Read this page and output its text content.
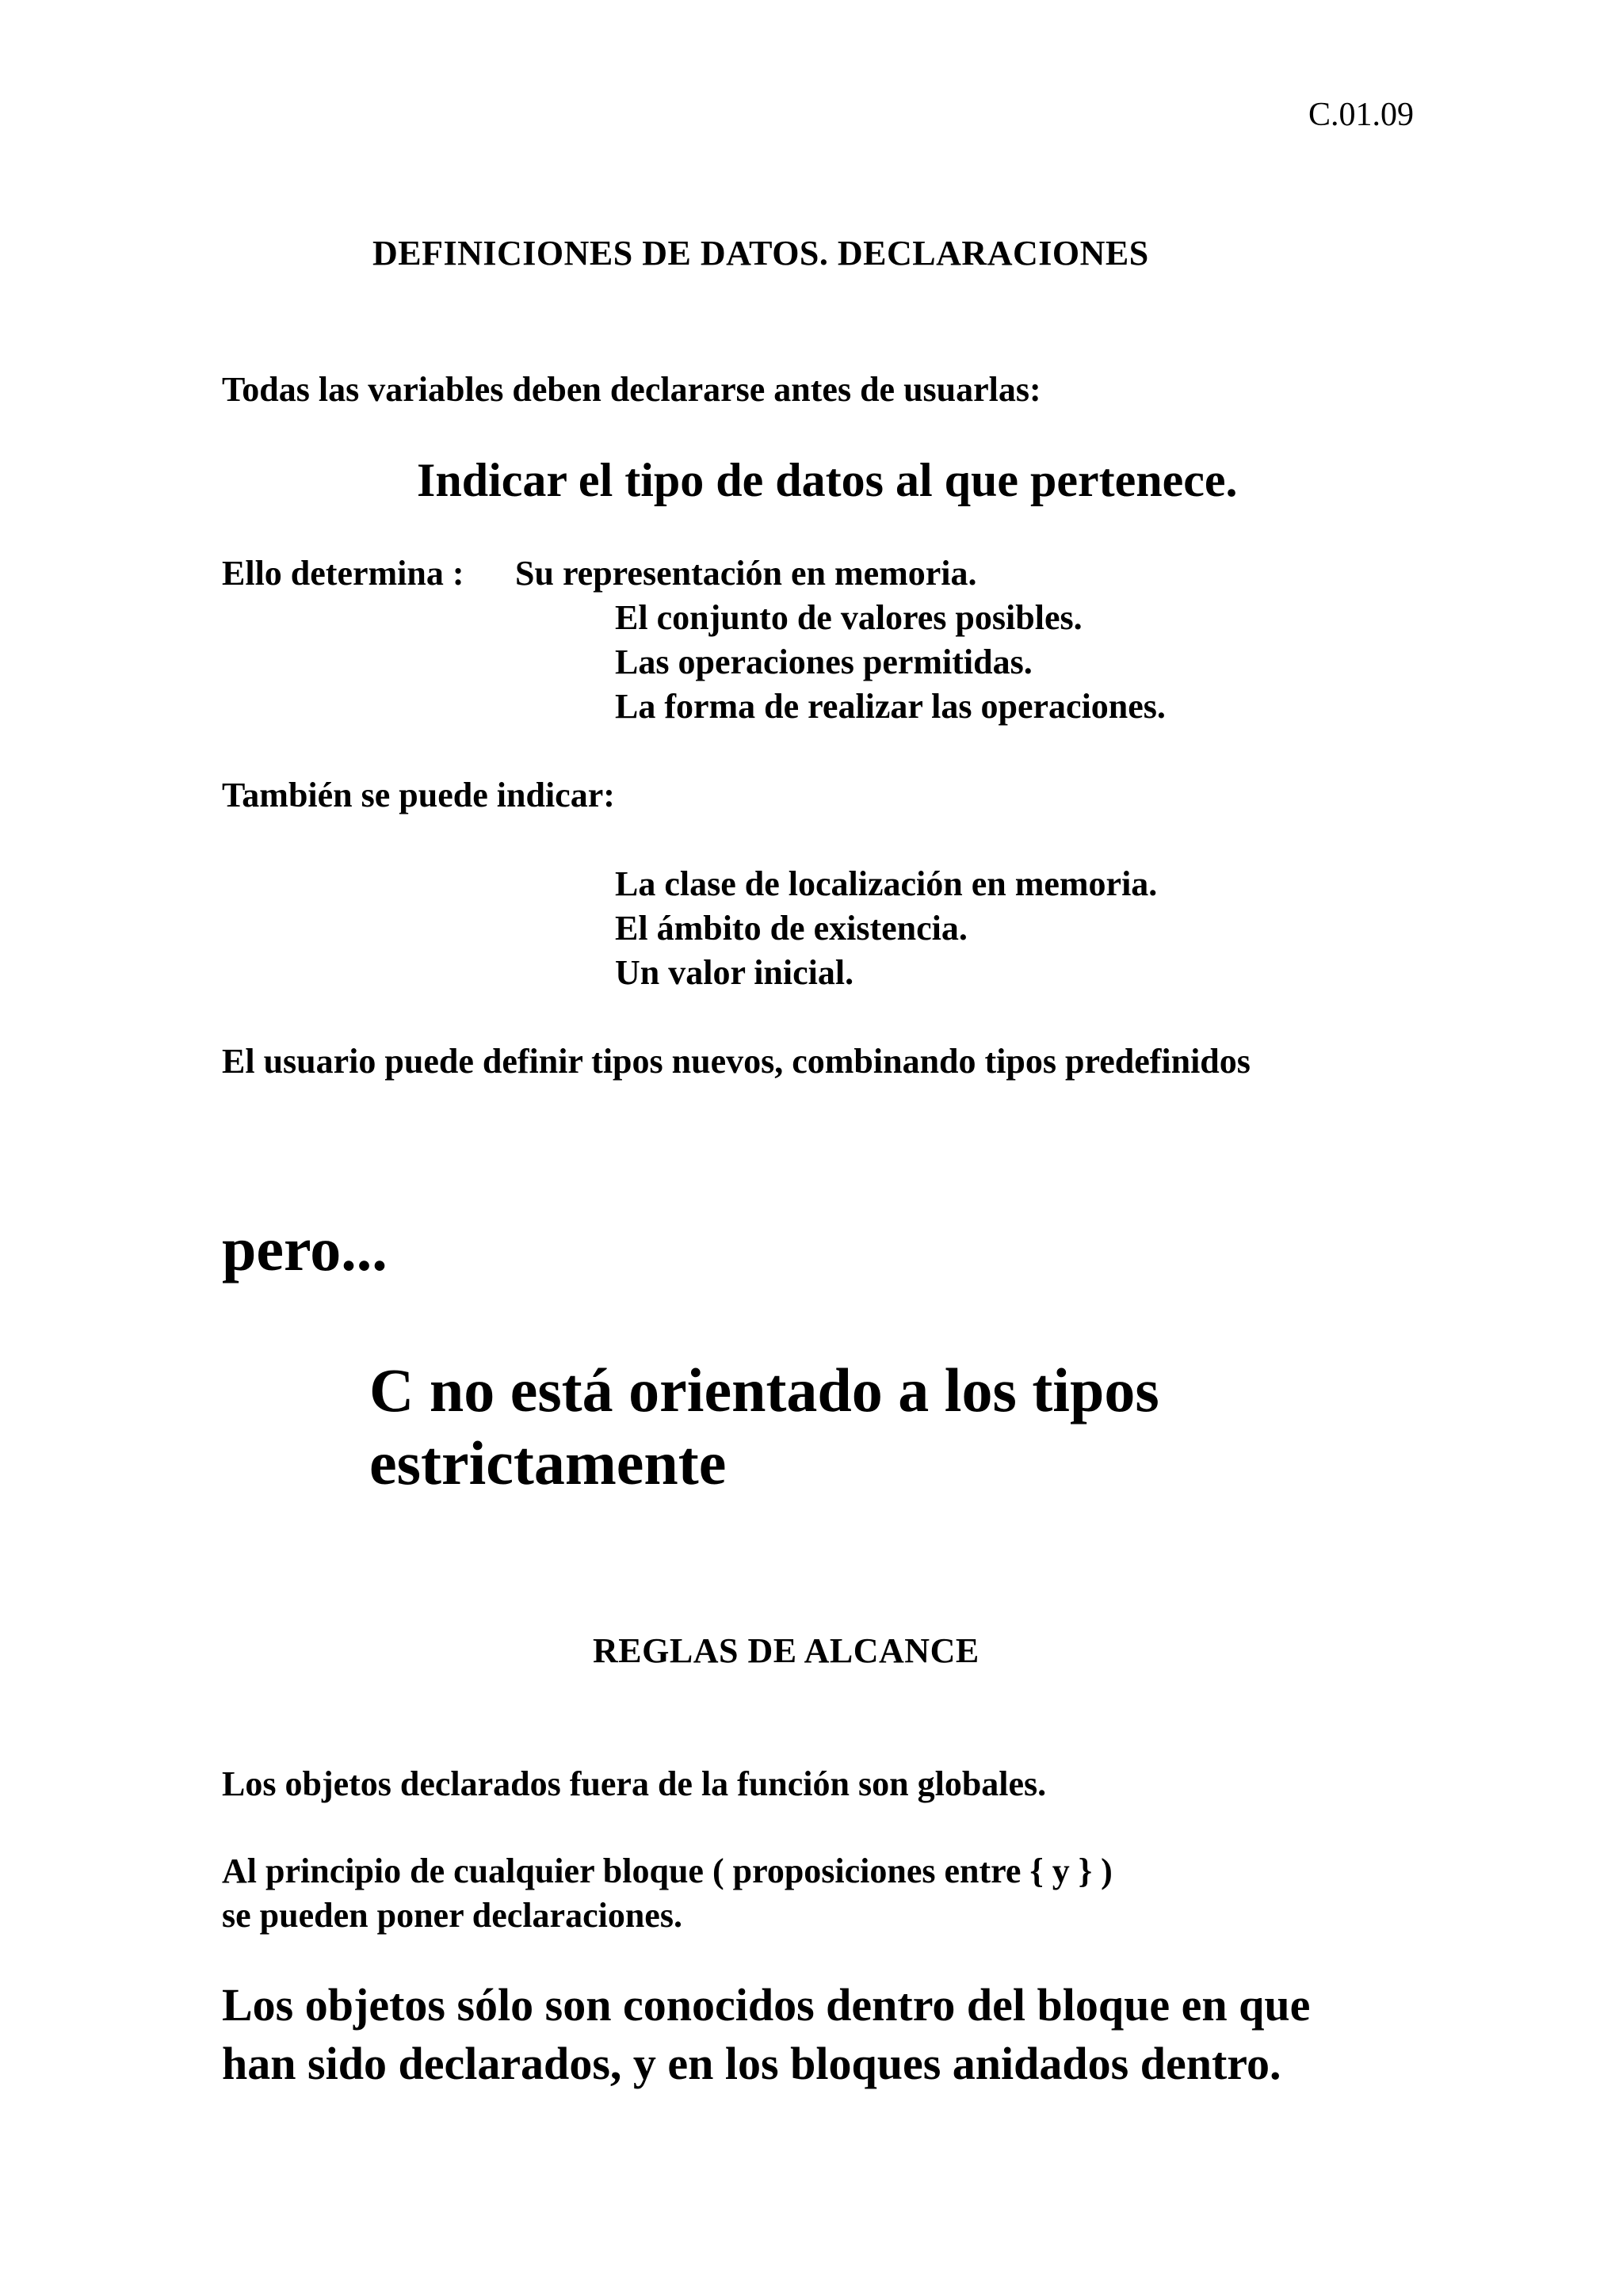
C.01.09
DEFINICIONES DE DATOS. DECLARACIONES
Todas las variables deben declararse antes de usuarlas:
Indicar el tipo de datos al que pertenece.
Ello determina : Su representación en memoria.
El conjunto de valores posibles.
Las operaciones permitidas.
La forma de realizar las operaciones.
También se puede indicar:
La clase de localización en memoria.
El ámbito de existencia.
Un valor inicial.
El usuario puede definir tipos nuevos, combinando tipos predefinidos
pero...
C no está orientado a los tipos
estrictamente
REGLAS DE ALCANCE
Los objetos declarados fuera de la función son globales.
Al principio de cualquier bloque ( proposiciones entre { y } )
se pueden poner declaraciones.
Los objetos sólo son conocidos dentro del bloque en que
han sido declarados, y en los bloques anidados dentro.
